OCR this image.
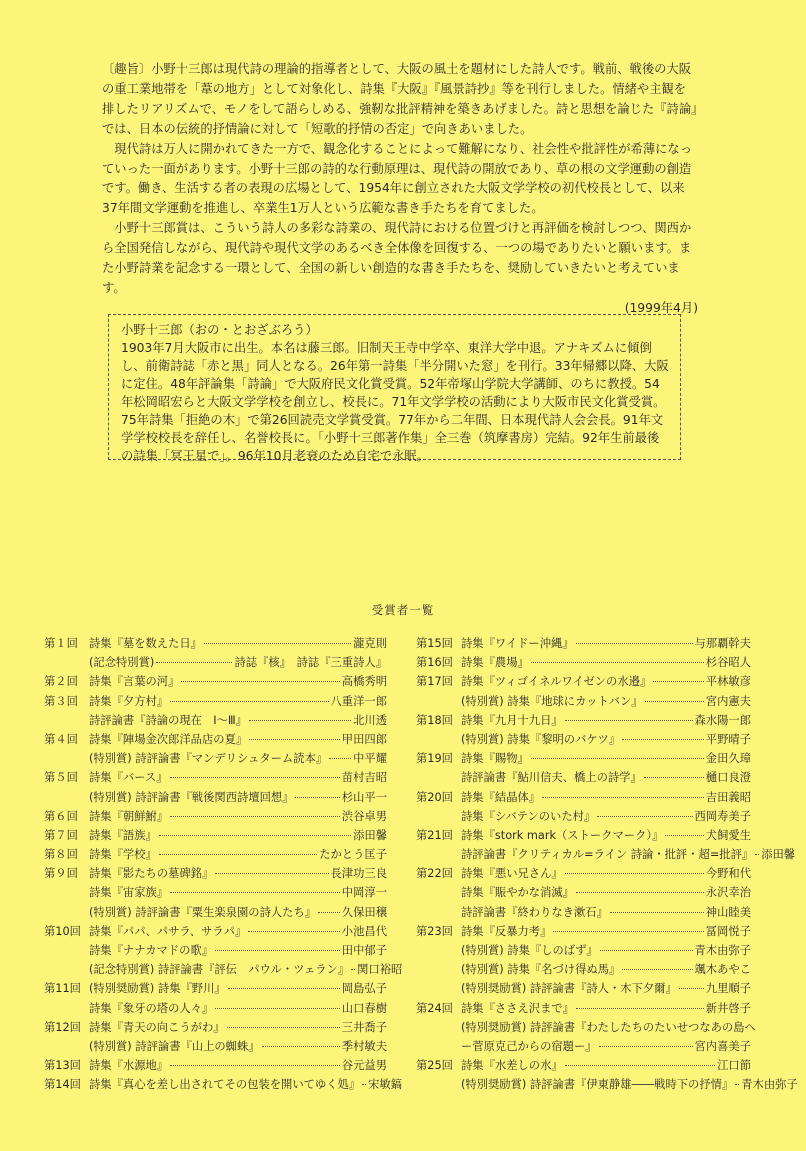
〔趣旨〕小野十三郎は現代詩の理論的指導者として、大阪の風土を題材にした詩人です。戦前、戦後の大阪の重工業地帯を「葦の地方」として対象化し、詩集『大阪』『風景詩抄』等を刊行しました。情緒や主観を排したリアリズムで、モノをして語らしめる、強靭な批評精神を築きあげました。詩と思想を論じた『詩論』では、日本の伝統的抒情論に対して「短歌的抒情の否定」で向きあいました。

現代詩は万人に開かれてきた一方で、観念化することによって難解になり、社会性や批評性が希薄になっていった一面があります。小野十三郎の詩的な行動原理は、現代詩の開放であり、草の根の文学運動の創造です。働き、生活する者の表現の広場として、1954年に創立された大阪文学学校の初代校長として、以来37年間文学運動を推進し、卒業生1万人という広範な書き手たちを育てました。

小野十三郎賞は、こういう詩人の多彩な詩業の、現代詩における位置づけと再評価を検討しつつ、関西から全国発信しながら、現代詩や現代文学のあるべき全体像を回復する、一つの場でありたいと願います。また小野詩業を記念する一環として、全国の新しい創造的な書き手たちを、奨励していきたいと考えています。

(1999年4月)

小野十三郎（おの・とおざぶろう）

1903年7月大阪市に出生。本名は藤三郎。旧制天王寺中学卒、東洋大学中退。アナキズムに傾倒し、前衛詩誌「赤と黒」同人となる。26年第一詩集「半分開いた窓」を刊行。33年帰郷以降、大阪に定住。48年評論集「詩論」で大阪府民文化賞受賞。52年帝塚山学院大学講師、のちに教授。54年松岡昭宏らと大阪文学学校を創立し、校長に。71年文学学校の活動により大阪市民文化賞受賞。75年詩集「拒絶の木」で第26回読売文学賞受賞。77年から二年間、日本現代詩人会会長。91年文学学校校長を辞任し、名誉校長に。「小野十三郎著作集」全三巻（筑摩書房）完結。92年生前最後の詩集「冥王星で」。96年10月老衰のため自宅で永眠。

受賞者一覧
第１回 詩集『墓を数えた日』	瀧克則
(記念特別賞)	詩誌『核』　詩誌『三重詩人』
第２回 詩集『言葉の河』	高橋秀明
第３回 詩集『夕方村』	八重洋一郎
詩評論書『詩論の現在　Ⅰ〜Ⅲ』	北川透
第４回 詩集『陣場金次郎洋品店の夏』	甲田四郎
(特別賞) 詩評論書『マンデリシュターム読本』 中平耀
第５回 詩集『バース』	苗村吉昭
(特別賞) 詩評論書『戦後関西詩壇回想』	杉山平一
第６回 詩集『朝鮮鮒』	渋谷卓男
第７回 詩集『語族』	添田馨
第８回 詩集『学校』	たかとう匡子
第９回 詩集『影たちの墓碑銘』	長津功三良
詩集『宙家族』	中岡淳一
(特別賞) 詩評論書『粟生楽泉園の詩人たち』 久保田穣
第10回 詩集『パパ、パサラ、サラパ』	小池昌代
詩集『ナナカマドの歌』	田中郁子
(記念特別賞) 詩評論書『評伝　パウル・ツェラン』 関口裕昭
第11回 (特別奨励賞) 詩集『野川』	岡島弘子
詩集『象牙の塔の人々』	山口春樹
第12回 詩集『青天の向こうがわ』	三井喬子
(特別賞) 詩評論書『山上の蜘蛛』	季村敏夫
第13回 詩集『水源地』	谷元益男
第14回 詩集『真心を差し出されてその包装を開いてゆく処』 宋敏鎬
第15回 詩集『ワイドー沖縄』	与那覇幹夫
第16回 詩集『農場』	杉谷昭人
第17回 詩集『ツィゴイネルワイゼンの水邉』	平林敏彦
(特別賞) 詩集『地球にカットバン』	宮内憲夫
第18回 詩集『九月十九日』	森水陽一郎
(特別賞) 詩集『黎明のバケツ』	平野晴子
第19回 詩集『賜物』	金田久璋
詩評論書『鮎川信夫、橋上の詩学』	樋口良澄
第20回 詩集『結晶体』	吉田義昭
詩集『シバテンのいた村』	西岡寿美子
第21回 詩集『stork mark（ストークマーク）』	犬飼愛生
詩評論書『クリティカル=ライン 詩論・批評・超=批評』 添田馨
第22回 詩集『悪い兄さん』	今野和代
詩集『賑やかな消滅』	永沢幸治
詩評論書『終わりなき漱石』	神山睦美
第23回 詩集『反暴力考』	冨岡悦子
(特別賞) 詩集『しのばず』	青木由弥子
(特別賞) 詩集『名づけ得ぬ馬』	颯木あやこ
(特別奨励賞) 詩評論書『詩人・木下夕爾』	九里順子
第24回 詩集『ささえ沢まで』	新井啓子
(特別奨励賞) 詩評論書『わたしたちのたいせつなあの島へ
ー菅原克己からの宿題ー』	宮内喜美子
第25回 詩集『水差しの水』	江口節
(特別奨励賞) 詩評論書『伊東静雄――戦時下の抒情』 青木由弥子
